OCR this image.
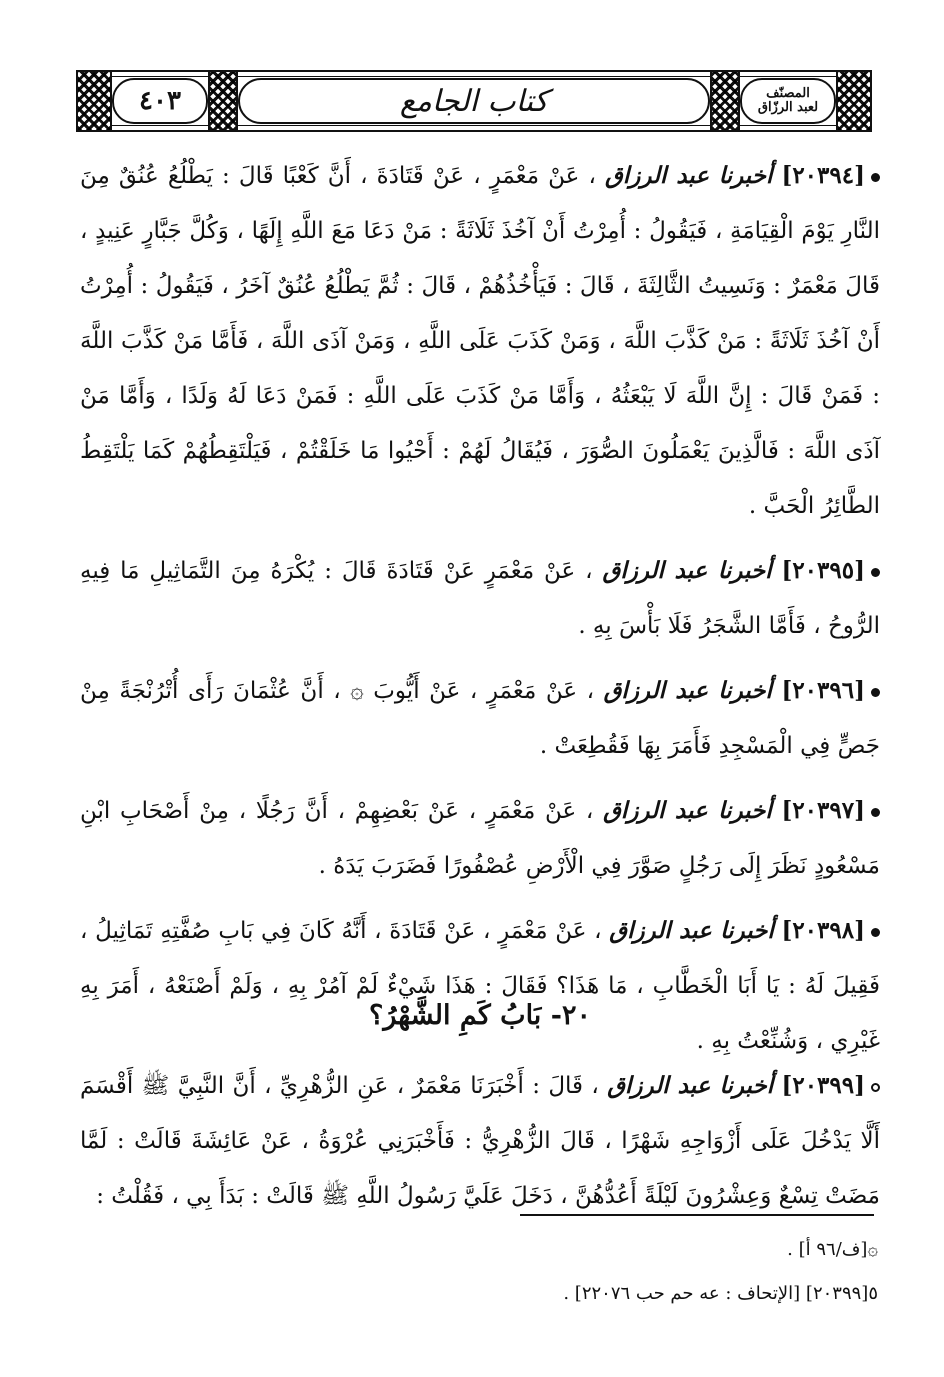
٤٠٣	كتاب الجامع	المصنّف
لعبد الرزّاق

[٢٠٣٩٤] أخبرنا عبد الرزاق ، عَنْ مَعْمَرٍ ، عَنْ قَتَادَةَ ، أَنَّ كَعْبًا قَالَ : يَطْلُعُ عُنُقٌ مِنَ النَّارِ يَوْمَ الْقِيَامَةِ ، فَيَقُولُ : أُمِرْتُ أَنْ آخُذَ ثَلَاثَةً : مَنْ دَعَا مَعَ اللَّهِ إِلَهًا ، وَكُلَّ جَبَّارٍ عَنِيدٍ ، قَالَ مَعْمَرٌ : وَنَسِيتُ الثَّالِثَةَ ، قَالَ : فَيَأْخُذُهُمْ ، قَالَ : ثُمَّ يَطْلُعُ عُنُقٌ آخَرُ ، فَيَقُولُ : أُمِرْتُ أَنْ آخُذَ ثَلَاثَةً : مَنْ كَذَّبَ اللَّهَ ، وَمَنْ كَذَبَ عَلَى اللَّهِ ، وَمَنْ آذَى اللَّهَ ، فَأَمَّا مَنْ كَذَّبَ اللَّهَ : فَمَنْ قَالَ : إِنَّ اللَّهَ لَا يَبْعَثُهُ ، وَأَمَّا مَنْ كَذَبَ عَلَى اللَّهِ : فَمَنْ دَعَا لَهُ وَلَدًا ، وَأَمَّا مَنْ آذَى اللَّهَ : فَالَّذِينَ يَعْمَلُونَ الصُّوَرَ ، فَيُقَالُ لَهُمْ : أَحْيُوا مَا خَلَقْتُمْ ، فَيَلْتَقِطُهُمْ كَمَا يَلْتَقِطُ الطَّائِرُ الْحَبَّ .

[٢٠٣٩٥] أخبرنا عبد الرزاق ، عَنْ مَعْمَرٍ عَنْ قَتَادَةَ قَالَ : يُكْرَهُ مِنَ التَّمَاثِيلِ مَا فِيهِ الرُّوحُ ، فَأَمَّا الشَّجَرُ فَلَا بَأْسَ بِهِ .

[٢٠٣٩٦] أخبرنا عبد الرزاق ، عَنْ مَعْمَرٍ ، عَنْ أَيُّوبَ ۞ ، أَنَّ عُثْمَانَ رَأَى أُتْرُنْجَةً مِنْ جَصٍّ فِي الْمَسْجِدِ فَأَمَرَ بِهَا فَقُطِعَتْ .

[٢٠٣٩٧] أخبرنا عبد الرزاق ، عَنْ مَعْمَرٍ ، عَنْ بَعْضِهِمْ ، أَنَّ رَجُلًا ، مِنْ أَصْحَابِ ابْنِ مَسْعُودٍ نَظَرَ إِلَى رَجُلٍ صَوَّرَ فِي الْأَرْضِ عُصْفُورًا فَضَرَبَ يَدَهُ .

[٢٠٣٩٨] أخبرنا عبد الرزاق ، عَنْ مَعْمَرٍ ، عَنْ قَتَادَةَ ، أَنَّهُ كَانَ فِي بَابِ صُفَّتِهِ تَمَاثِيلُ ، فَقِيلَ لَهُ : يَا أَبَا الْخَطَّابِ ، مَا هَذَا؟ فَقَالَ : هَذَا شَيْءٌ لَمْ آمُرْ بِهِ ، وَلَمْ أَصْنَعْهُ ، أَمَرَ بِهِ غَيْرِي ، وَشُنِّعْتُ بِهِ .

٢٠- بَابُ كَمِ الشَّهْرُ؟

[٢٠٣٩٩] أخبرنا عبد الرزاق ، قَالَ : أَخْبَرَنَا مَعْمَرٌ ، عَنِ الزُّهْرِيِّ ، أَنَّ النَّبِيَّ ﷺ أَقْسَمَ أَلَّا يَدْخُلَ عَلَى أَزْوَاجِهِ شَهْرًا ، قَالَ الزُّهْرِيُّ : فَأَخْبَرَنِي عُرْوَةُ ، عَنْ عَائِشَةَ قَالَتْ : لَمَّا مَضَتْ تِسْعٌ وَعِشْرُونَ لَيْلَةً أَعُدُّهُنَّ ، دَخَلَ عَلَيَّ رَسُولُ اللَّهِ ﷺ قَالَتْ : بَدَأَ بِي ، فَقُلْتُ :

۞[ف/٩٦ أ] .
٥[٢٠٣٩٩] [الإتحاف : عه حم حب ٢٢٠٧٦] .
